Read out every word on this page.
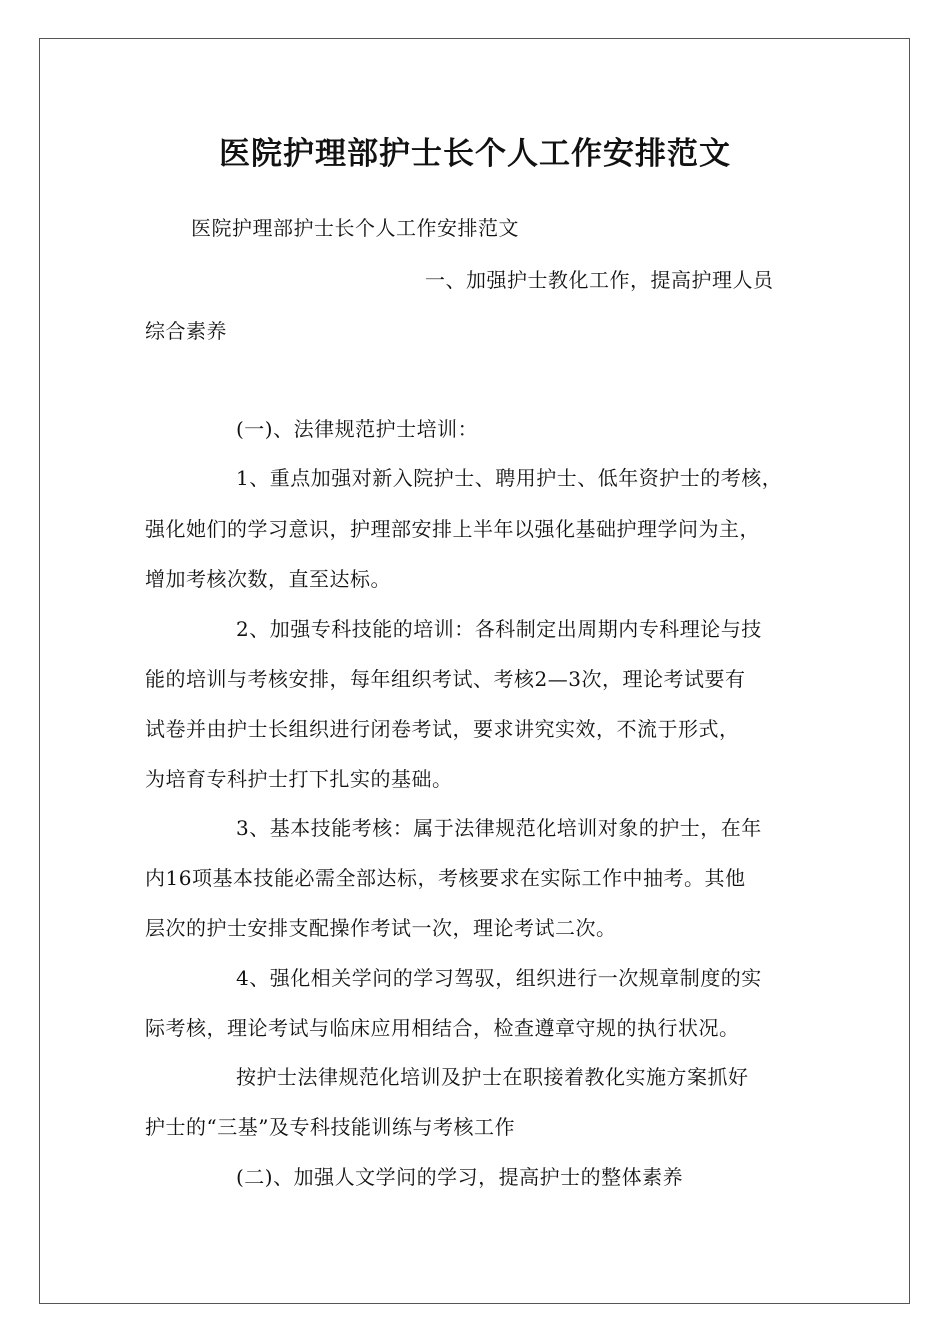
医院护理部护士长个人工作安排范文
医院护理部护士长个人工作安排范文
一、加强护士教化工作，提高护理人员
综合素养
(一)、法律规范护士培训：
1、重点加强对新入院护士、聘用护士、低年资护士的考核，
强化她们的学习意识，护理部安排上半年以强化基础护理学问为主，
增加考核次数，直至达标。
2、加强专科技能的培训：各科制定出周期内专科理论与技
能的培训与考核安排，每年组织考试、考核2—3次，理论考试要有
试卷并由护士长组织进行闭卷考试，要求讲究实效，不流于形式，
为培育专科护士打下扎实的基础。
3、基本技能考核：属于法律规范化培训对象的护士，在年
内16项基本技能必需全部达标，考核要求在实际工作中抽考。其他
层次的护士安排支配操作考试一次，理论考试二次。
4、强化相关学问的学习驾驭，组织进行一次规章制度的实
际考核，理论考试与临床应用相结合，检查遵章守规的执行状况。
按护士法律规范化培训及护士在职接着教化实施方案抓好
护士的“三基”及专科技能训练与考核工作
(二)、加强人文学问的学习，提高护士的整体素养
